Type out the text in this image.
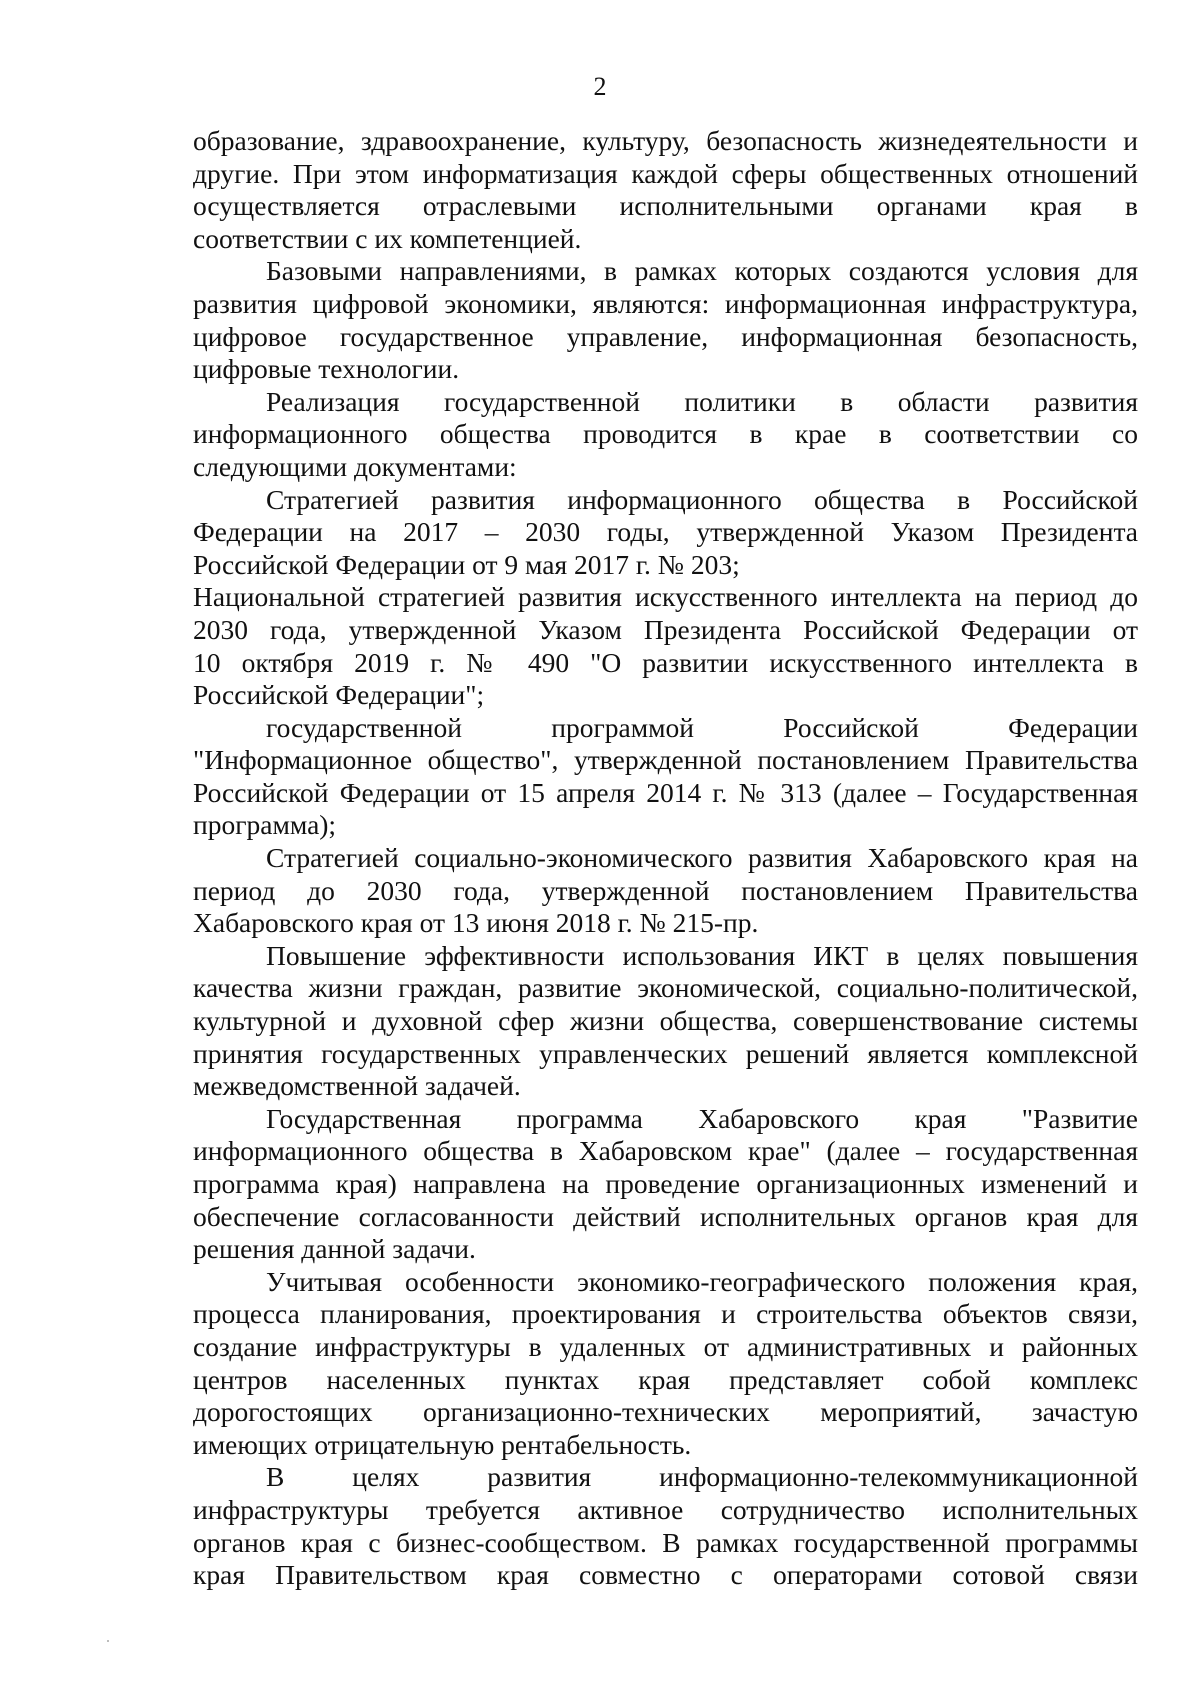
2
образование, здравоохранение, культуру, безопасность жизнедеятельности и
другие. При этом информатизация каждой сферы общественных отношений
осуществляется отраслевыми исполнительными органами края в
соответствии с их компетенцией.
Базовыми направлениями, в рамках которых создаются условия для
развития цифровой экономики, являются: информационная инфраструктура,
цифровое государственное управление, информационная безопасность,
цифровые технологии.
Реализация государственной политики в области развития
информационного общества проводится в крае в соответствии со
следующими документами:
Стратегией развития информационного общества в Российской
Федерации на 2017 – 2030 годы, утвержденной Указом Президента
Российской Федерации от 9 мая 2017 г. № 203;
Национальной стратегией развития искусственного интеллекта на период до
2030 года, утвержденной Указом Президента Российской Федерации от
10 октября 2019 г. № 490 "О развитии искусственного интеллекта в
Российской Федерации";
государственной программой Российской Федерации
"Информационное общество", утвержденной постановлением Правительства
Российской Федерации от 15 апреля 2014 г. № 313 (далее – Государственная
программа);
Стратегией социально-экономического развития Хабаровского края на
период до 2030 года, утвержденной постановлением Правительства
Хабаровского края от 13 июня 2018 г. № 215-пр.
Повышение эффективности использования ИКТ в целях повышения
качества жизни граждан, развитие экономической, социально-политической,
культурной и духовной сфер жизни общества, совершенствование системы
принятия государственных управленческих решений является комплексной
межведомственной задачей.
Государственная программа Хабаровского края "Развитие
информационного общества в Хабаровском крае" (далее – государственная
программа края) направлена на проведение организационных изменений и
обеспечение согласованности действий исполнительных органов края для
решения данной задачи.
Учитывая особенности экономико-географического положения края,
процесса планирования, проектирования и строительства объектов связи,
создание инфраструктуры в удаленных от административных и районных
центров населенных пунктах края представляет собой комплекс
дорогостоящих организационно-технических мероприятий, зачастую
имеющих отрицательную рентабельность.
В целях развития информационно-телекоммуникационной
инфраструктуры требуется активное сотрудничество исполнительных
органов края с бизнес-сообществом. В рамках государственной программы
края Правительством края совместно с операторами сотовой связи
